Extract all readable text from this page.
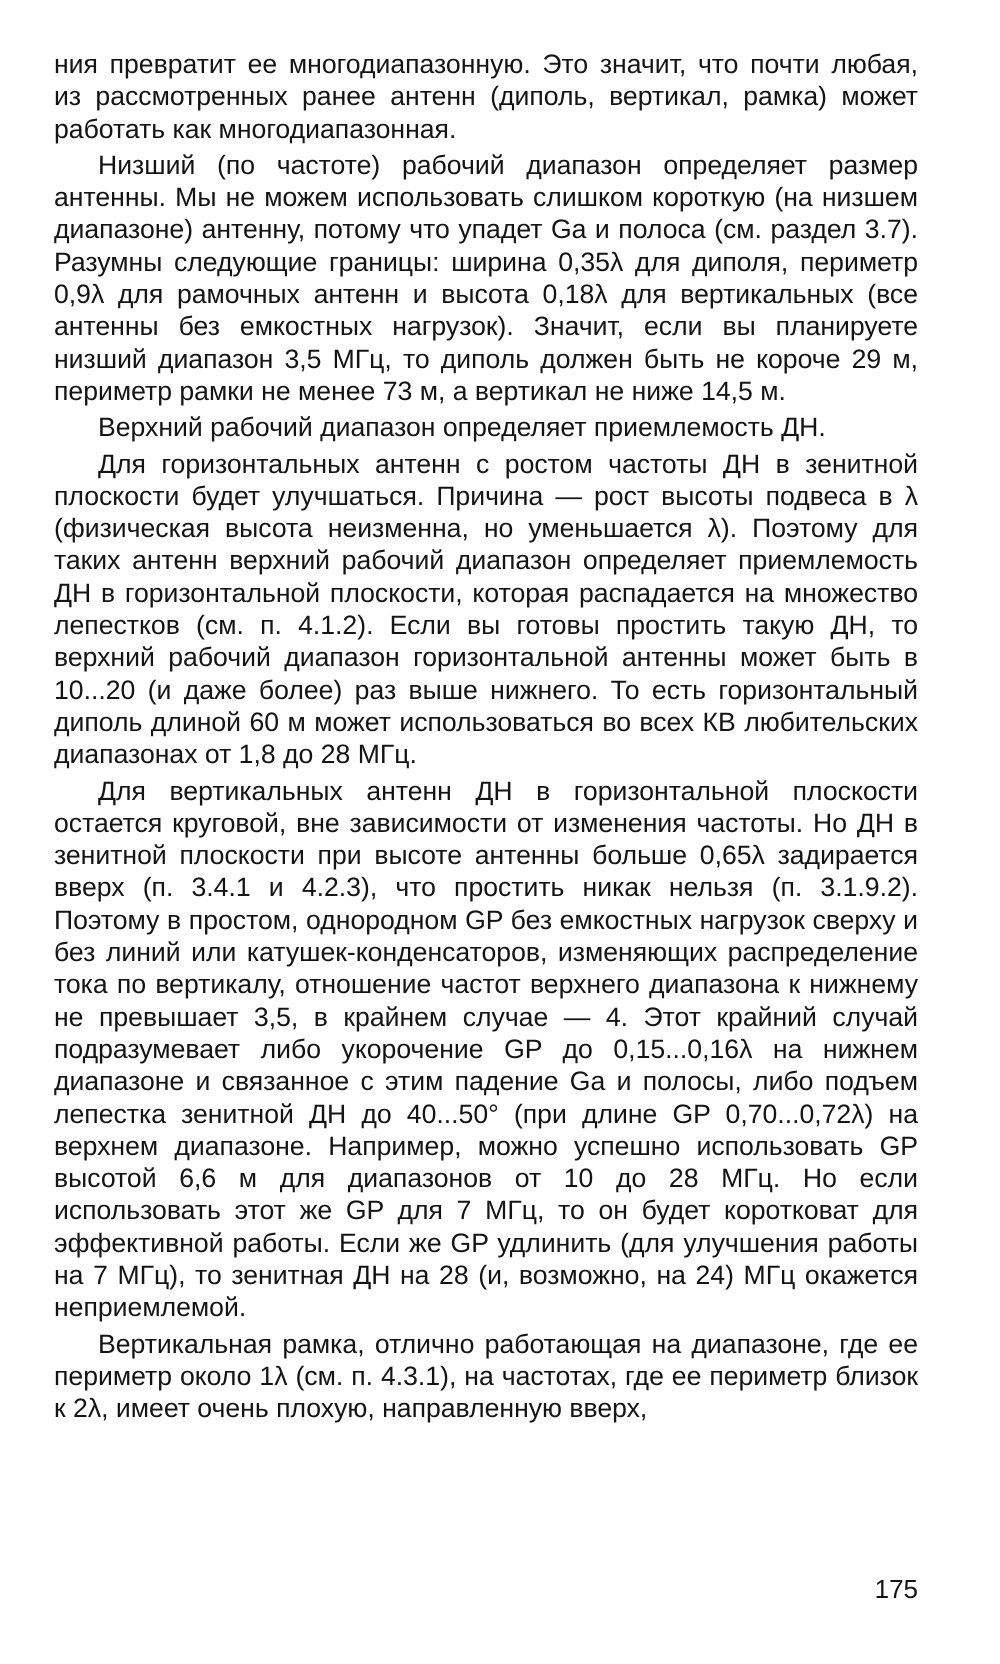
ния превратит ее многодиапазонную. Это значит, что почти любая, из рассмотренных ранее антенн (диполь, вертикал, рамка) может работать как многодиапазонная.

Низший (по частоте) рабочий диапазон определяет размер антенны. Мы не можем использовать слишком короткую (на низшем диапазоне) антенну, потому что упадет Ga и полоса (см. раздел 3.7). Разумны следующие границы: ширина 0,35λ для диполя, периметр 0,9λ для рамочных антенн и высота 0,18λ для вертикальных (все антенны без емкостных нагрузок). Значит, если вы планируете низший диапазон 3,5 МГц, то диполь должен быть не короче 29 м, периметр рамки не менее 73 м, а вертикал не ниже 14,5 м.

Верхний рабочий диапазон определяет приемлемость ДН.

Для горизонтальных антенн с ростом частоты ДН в зенитной плоскости будет улучшаться. Причина — рост высоты подвеса в λ (физическая высота неизменна, но уменьшается λ). Поэтому для таких антенн верхний рабочий диапазон определяет приемлемость ДН в горизонтальной плоскости, которая распадается на множество лепестков (см. п. 4.1.2). Если вы готовы простить такую ДН, то верхний рабочий диапазон горизонтальной антенны может быть в 10...20 (и даже более) раз выше нижнего. То есть горизонтальный диполь длиной 60 м может использоваться во всех КВ любительских диапазонах от 1,8 до 28 МГц.

Для вертикальных антенн ДН в горизонтальной плоскости остается круговой, вне зависимости от изменения частоты. Но ДН в зенитной плоскости при высоте антенны больше 0,65λ задирается вверх (п. 3.4.1 и 4.2.3), что простить никак нельзя (п. 3.1.9.2). Поэтому в простом, однородном GP без емкостных нагрузок сверху и без линий или катушек-конденсаторов, изменяющих распределение тока по вертикалу, отношение частот верхнего диапазона к нижнему не превышает 3,5, в крайнем случае — 4. Этот крайний случай подразумевает либо укорочение GP до 0,15...0,16λ на нижнем диапазоне и связанное с этим падение Ga и полосы, либо подъем лепестка зенитной ДН до 40...50° (при длине GP 0,70...0,72λ) на верхнем диапазоне. Например, можно успешно использовать GP высотой 6,6 м для диапазонов от 10 до 28 МГц. Но если использовать этот же GP для 7 МГц, то он будет коротковат для эффективной работы. Если же GP удлинить (для улучшения работы на 7 МГц), то зенитная ДН на 28 (и, возможно, на 24) МГц окажется неприемлемой.

Вертикальная рамка, отлично работающая на диапазоне, где ее периметр около 1λ (см. п. 4.3.1), на частотах, где ее периметр близок к 2λ, имеет очень плохую, направленную вверх,

175
